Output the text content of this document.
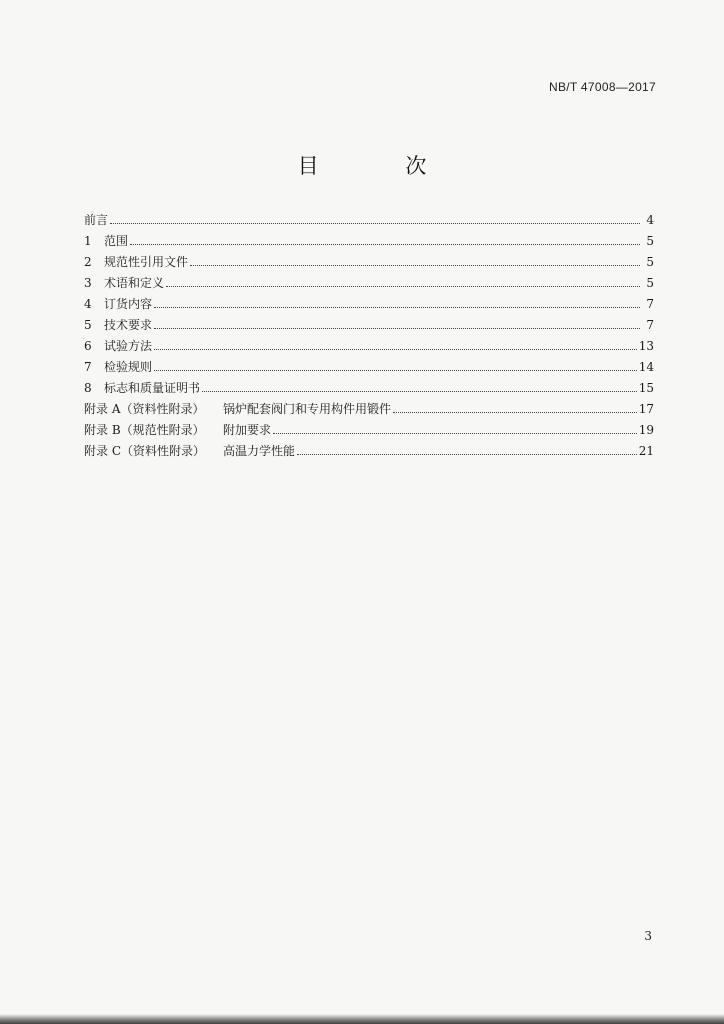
NB/T 47008—2017
目 次
前言	4
1	范围	5
2	规范性引用文件	5
3	术语和定义	5
4	订货内容	7
5	技术要求	7
6	试验方法	13
7	检验规则	14
8	标志和质量证明书	15
附录 A（资料性附录）	锅炉配套阀门和专用构件用锻件	17
附录 B（规范性附录）	附加要求	19
附录 C（资料性附录）	高温力学性能	21
3
